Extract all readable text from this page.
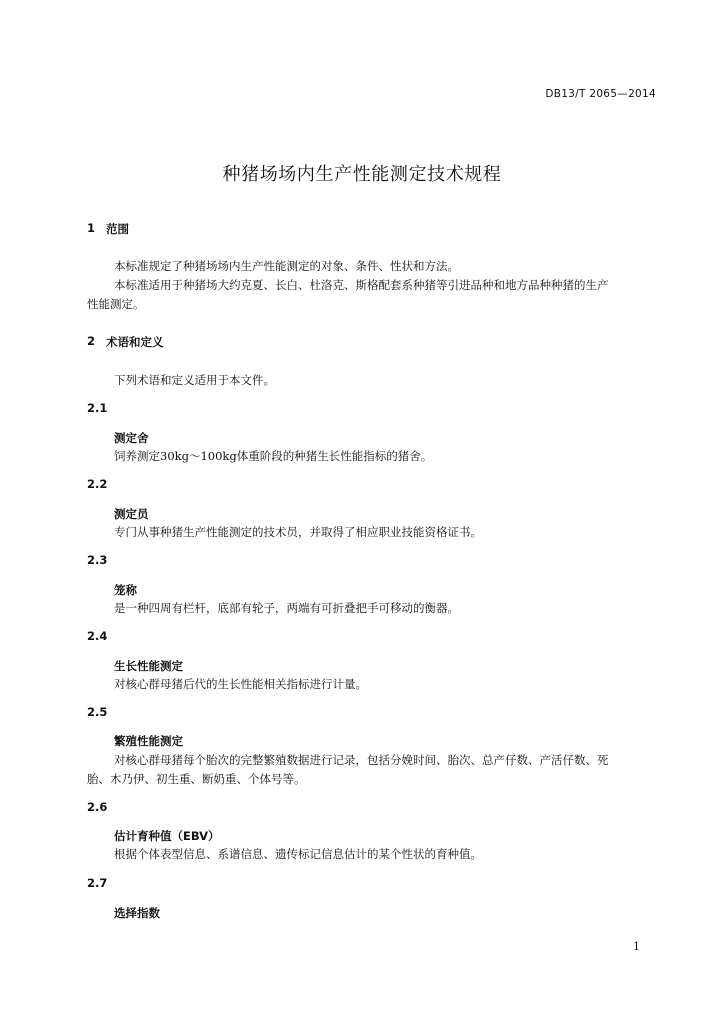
DB13/T 2065—2014
种猪场场内生产性能测定技术规程
1 范围
本标准规定了种猪场场内生产性能测定的对象、条件、性状和方法。
本标准适用于种猪场大约克夏、长白、杜洛克、斯格配套系种猪等引进品种和地方品种种猪的生产
性能测定。
2 术语和定义
下列术语和定义适用于本文件。
2.1
测定舍
饲养测定30kg～100kg体重阶段的种猪生长性能指标的猪舍。
2.2
测定员
专门从事种猪生产性能测定的技术员，并取得了相应职业技能资格证书。
2.3
笼称
是一种四周有栏杆，底部有轮子，两端有可折叠把手可移动的衡器。
2.4
生长性能测定
对核心群母猪后代的生长性能相关指标进行计量。
2.5
繁殖性能测定
对核心群母猪每个胎次的完整繁殖数据进行记录，包括分娩时间、胎次、总产仔数、产活仔数、死
胎、木乃伊、初生重、断奶重、个体号等。
2.6
估计育种值（EBV）
根据个体表型信息、系谱信息、遗传标记信息估计的某个性状的育种值。
2.7
选择指数
1
